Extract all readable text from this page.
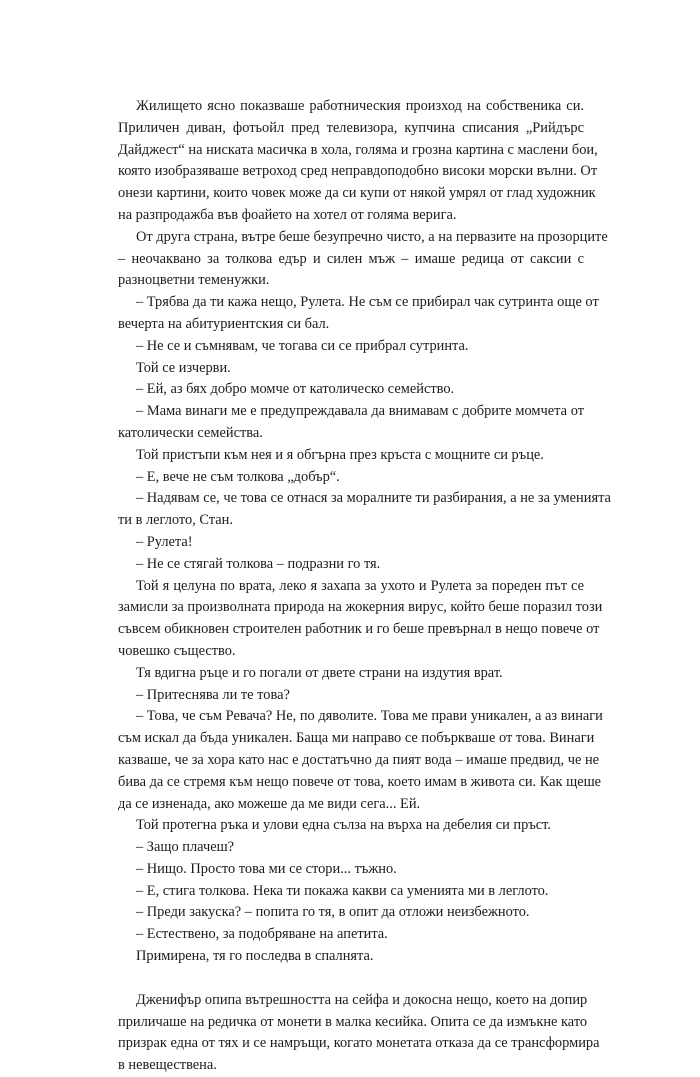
Жилището ясно показваше работническия произход на собственика си.
Приличен диван, фотьойл пред телевизора, купчина списания „Рийдърс
Дайджест“ на ниската масичка в хола, голяма и грозна картина с маслени бои,
която изобразяваше ветроход сред неправдоподобно високи морски вълни. От
онези картини, които човек може да си купи от някой умрял от глад художник
на разпродажба във фоайето на хотел от голяма верига.

От друга страна, вътре беше безупречно чисто, а на первазите на прозорците
– неочаквано за толкова едър и силен мъж – имаше редица от саксии с
разноцветни теменужки.

– Трябва да ти кажа нещо, Рулета. Не съм се прибирал чак сутринта още от
вечерта на абитуриентския си бал.

– Не се и съмнявам, че тогава си се прибрал сутринта.

Той се изчерви.

– Ей, аз бях добро момче от католическо семейство.

– Мама винаги ме е предупреждавала да внимавам с добрите момчета от
католически семейства.

Той пристъпи към нея и я обгърна през кръста с мощните си ръце.

– Е, вече не съм толкова „добър“.

– Надявам се, че това се отнася за моралните ти разбирания, а не за уменията
ти в леглото, Стан.

– Рулета!

– Не се стягай толкова – подразни го тя.

Той я целуна по врата, леко я захапа за ухото и Рулета за пореден път се
замисли за произволната природа на жокерния вирус, който беше поразил този
съвсем обикновен строителен работник и го беше превърнал в нещо повече от
човешко същество.

Тя вдигна ръце и го погали от двете страни на издутия врат.

– Притеснява ли те това?

– Това, че съм Ревача? Не, по дяволите. Това ме прави уникален, а аз винаги
съм искал да бъда уникален. Баща ми направо се побъркваше от това. Винаги
казваше, че за хора като нас е достатъчно да пият вода – имаше предвид, че не
бива да се стремя към нещо повече от това, което имам в живота си. Как щеше
да се изненада, ако можеше да ме види сега... Ей.

Той протегна ръка и улови една сълза на върха на дебелия си пръст.

– Защо плачеш?

– Нищо. Просто това ми се стори... тъжно.

– Е, стига толкова. Нека ти покажа какви са уменията ми в леглото.

– Преди закуска? – попита го тя, в опит да отложи неизбежното.

– Естествено, за подобряване на апетита.

Примирена, тя го последва в спалнята.

Дженифър опипа вътрешността на сейфа и докосна нещо, което на допир
приличаше на редичка от монети в малка кесийка. Опита се да измъкне като
призрак една от тях и се намръщи, когато монетата отказа да се трансформира
в невеществена.
